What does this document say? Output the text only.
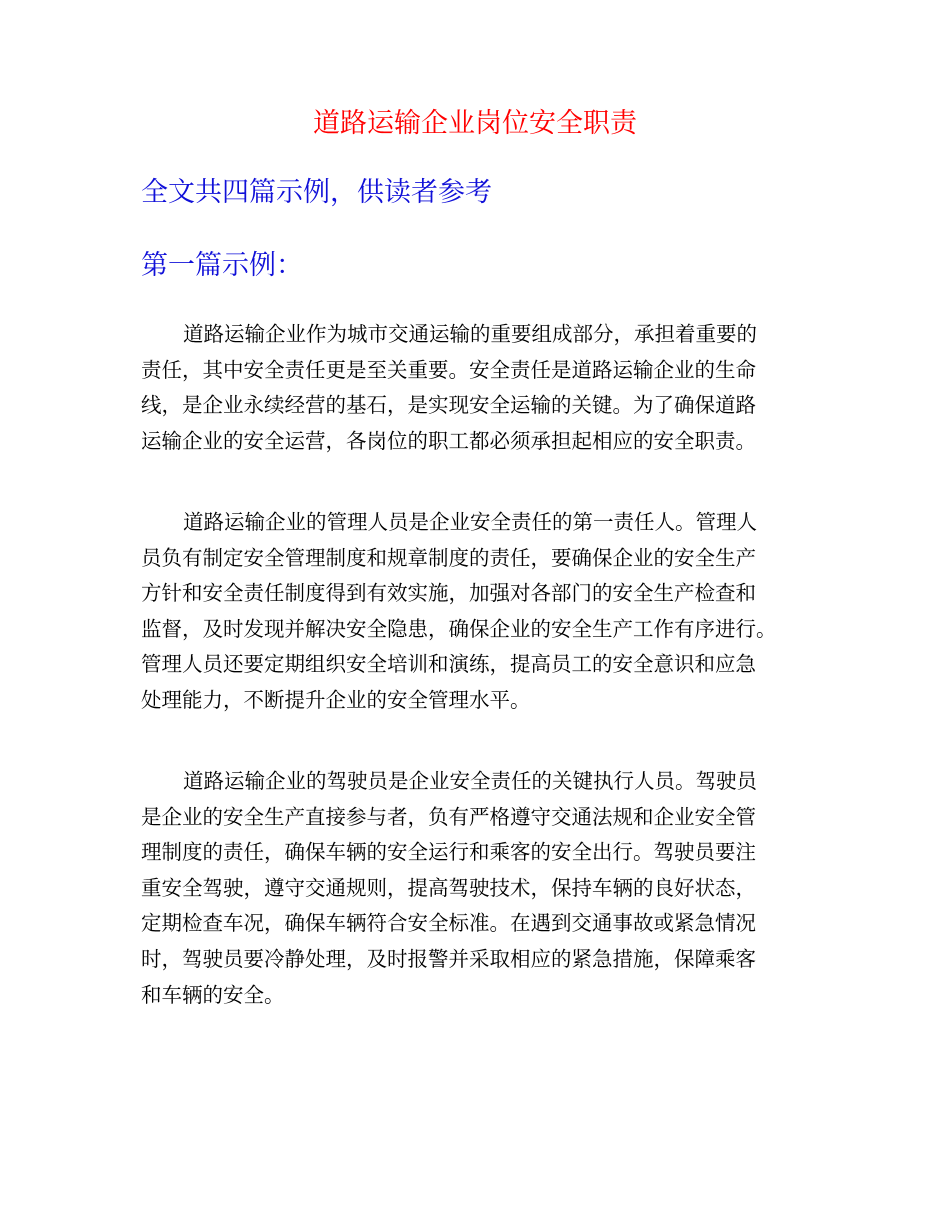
道路运输企业岗位安全职责
全文共四篇示例，供读者参考
第一篇示例：
道路运输企业作为城市交通运输的重要组成部分，承担着重要的
责任，其中安全责任更是至关重要。安全责任是道路运输企业的生命
线，是企业永续经营的基石，是实现安全运输的关键。为了确保道路
运输企业的安全运营，各岗位的职工都必须承担起相应的安全职责。
道路运输企业的管理人员是企业安全责任的第一责任人。管理人
员负有制定安全管理制度和规章制度的责任，要确保企业的安全生产
方针和安全责任制度得到有效实施，加强对各部门的安全生产检查和
监督，及时发现并解决安全隐患，确保企业的安全生产工作有序进行。
管理人员还要定期组织安全培训和演练，提高员工的安全意识和应急
处理能力，不断提升企业的安全管理水平。
道路运输企业的驾驶员是企业安全责任的关键执行人员。驾驶员
是企业的安全生产直接参与者，负有严格遵守交通法规和企业安全管
理制度的责任，确保车辆的安全运行和乘客的安全出行。驾驶员要注
重安全驾驶，遵守交通规则，提高驾驶技术，保持车辆的良好状态，
定期检查车况，确保车辆符合安全标准。在遇到交通事故或紧急情况
时，驾驶员要冷静处理，及时报警并采取相应的紧急措施，保障乘客
和车辆的安全。
